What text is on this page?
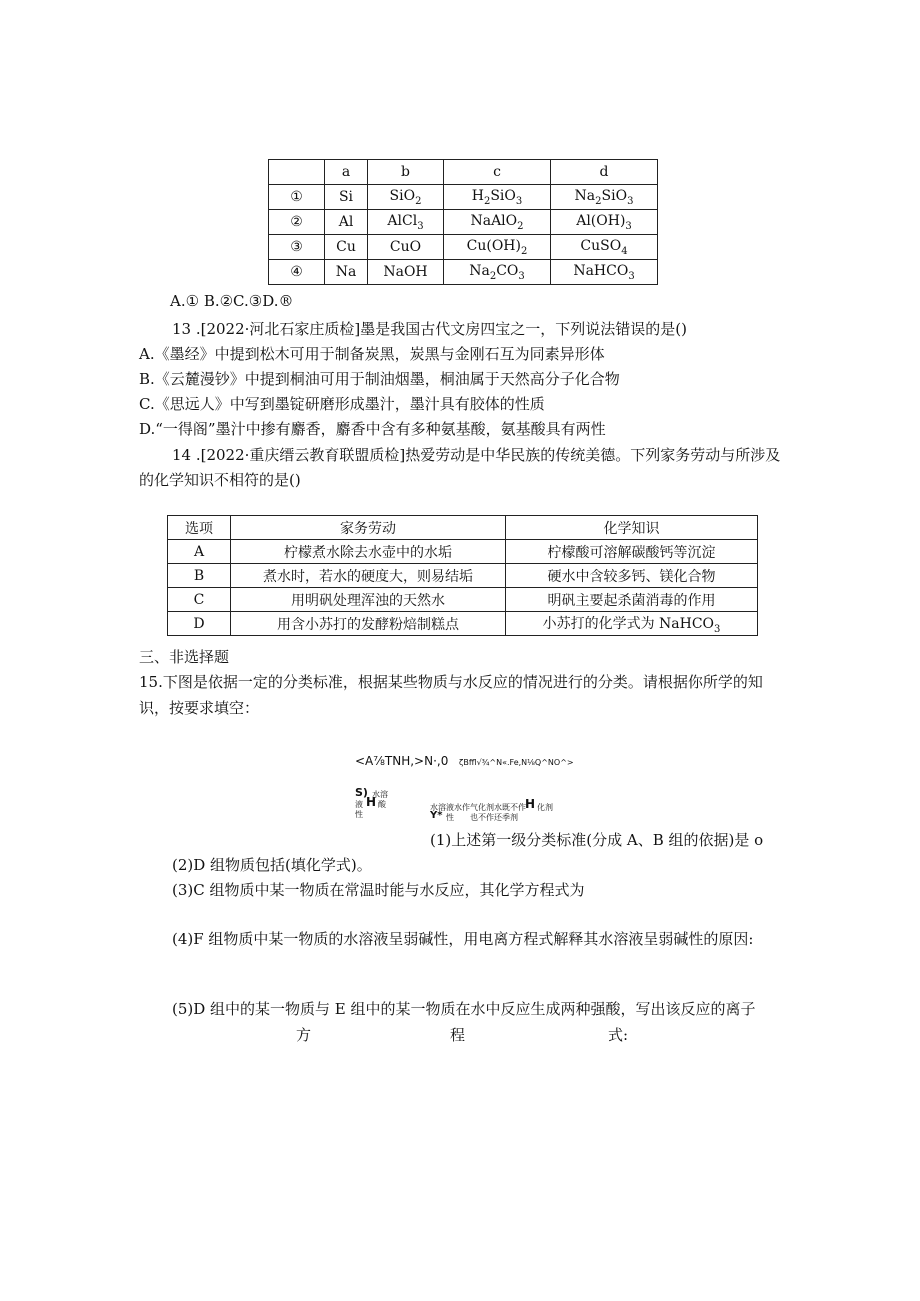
	a	b	c	d
①	Si	SiO$_2$	$H_2SiO_3$	$Na_2SiO_3$
②	Al	AlCl$_3$	NaAlO$_2$	$Al(OH)_3$
③	Cu	CuO	$Cu(OH)_2$	CuSO$_4$
④	Na	NaOH	$Na_2CO_3$	NaHCO$_3$
A.① B.②C.③D.®
13 .[2022·河北石家庄质检]墨是我国古代文房四宝之一，下列说法错误的是()
A.《墨经》中提到松木可用于制备炭黑，炭黑与金刚石互为同素异形体
B.《云麓漫钞》中提到桐油可用于制油烟墨，桐油属于天然高分子化合物
C.《思远人》中写到墨锭研磨形成墨汁，墨汁具有胶体的性质
D.“一得阁”墨汁中掺有麝香，麝香中含有多种氨基酸，氨基酸具有两性
14 .[2022·重庆缙云教育联盟质检]热爱劳动是中华民族的传统美德。下列家务劳动与所涉及
的化学知识不相符的是()
选项	家务劳动	化学知识
A	柠檬煮水除去水壶中的水垢	柠檬酸可溶解碳酸钙等沉淀
B	煮水时，若水的硬度大，则易结垢	硬水中含较多钙、镁化合物
C	用明矾处理浑浊的天然水	明矾主要起杀菌消毒的作用
D	用含小苏打的发酵粉焙制糕点	小苏打的化学式为 NaHCO$_3$
三、非选择题
15.下图是依据一定的分类标准，根据某些物质与水反应的情况进行的分类。请根据你所学的知
识，按要求填空：
<A⅞TNH,>N·,0 ζBffl√¾^N«.Fe,N⅛Q^NO^>
S) 水溶
液 H 酸
性
水溶液水作气化剂水既不作 H 化剂
Y* 性 也不作还季剂
(1)上述第一级分类标准(分成 A、B 组的依据)是 o
(2)D 组物质包括(填化学式)。
(3)C 组物质中某一物质在常温时能与水反应，其化学方程式为
(4)F 组物质中某一物质的水溶液呈弱碱性，用电离方程式解释其水溶液呈弱碱性的原因:
(5)D 组中的某一物质与 E 组中的某一物质在水中反应生成两种强酸，写出该反应的离子
方	程	式:
